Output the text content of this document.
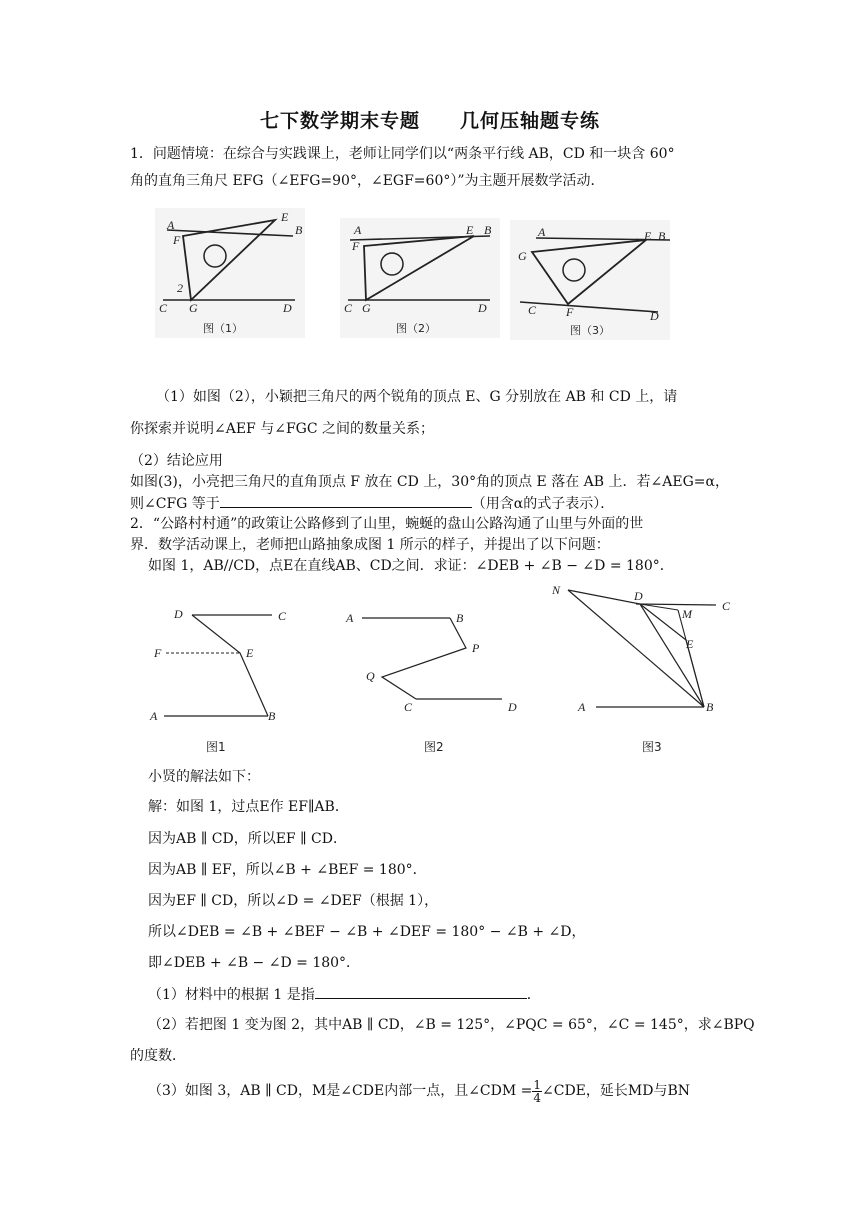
七下数学期末专题　　几何压轴题专练
1．问题情境：在综合与实践课上，老师让同学们以“两条平行线 AB，CD 和一块含 60°
角的直角三角尺 EFG（∠EFG=90°，∠EGF=60°）”为主题开展数学活动．
A
E
F
2
B
C G	D
图（1）
A	E B
F
C G	D
图（2）
A	E B
G
C F	D
图（3）
（1）如图（2），小颖把三角尺的两个锐角的顶点 E、G 分别放在 AB 和 CD 上，请
你探索并说明∠AEF 与∠FGC 之间的数量关系；
（2）结论应用
如图(3)，小亮把三角尺的直角顶点 F 放在 CD 上，30°角的顶点 E 落在 AB 上．若∠AEG=α，
则∠CFG 等于	（用含α的式子表示）．
2．“公路村村通”的政策让公路修到了山里，蜿蜒的盘山公路沟通了山里与外面的世
界．数学活动课上，老师把山路抽象成图 1 所示的样子，并提出了以下问题：
如图 1，AB//CD，点E在直线AB、CD之间．求证：∠DEB + ∠B − ∠D = 180°．
D	C
F	E
A	B
图1
A	B
P
Q
C	D
图2
N	D
C
M
E
A	B
图3
小贤的解法如下：
解：如图 1，过点E作 EF∥AB．
因为AB ∥ CD，所以EF ∥ CD．
因为AB ∥ EF，所以∠B + ∠BEF = 180°．
因为EF ∥ CD，所以∠D = ∠DEF（根据 1），
所以∠DEB = ∠B + ∠BEF − ∠B + ∠DEF = 180° − ∠B + ∠D，
即∠DEB + ∠B − ∠D = 180°．
（1）材料中的根据 1 是指	．
（2）若把图 1 变为图 2，其中AB ∥ CD，∠B = 125°，∠PQC = 65°，∠C = 145°，求∠BPQ
的度数．
（3）如图 3，AB ∥ CD，M是∠CDE内部一点，且∠CDM = $\frac{1}{4}$ ∠CDE，延长MD与BN
